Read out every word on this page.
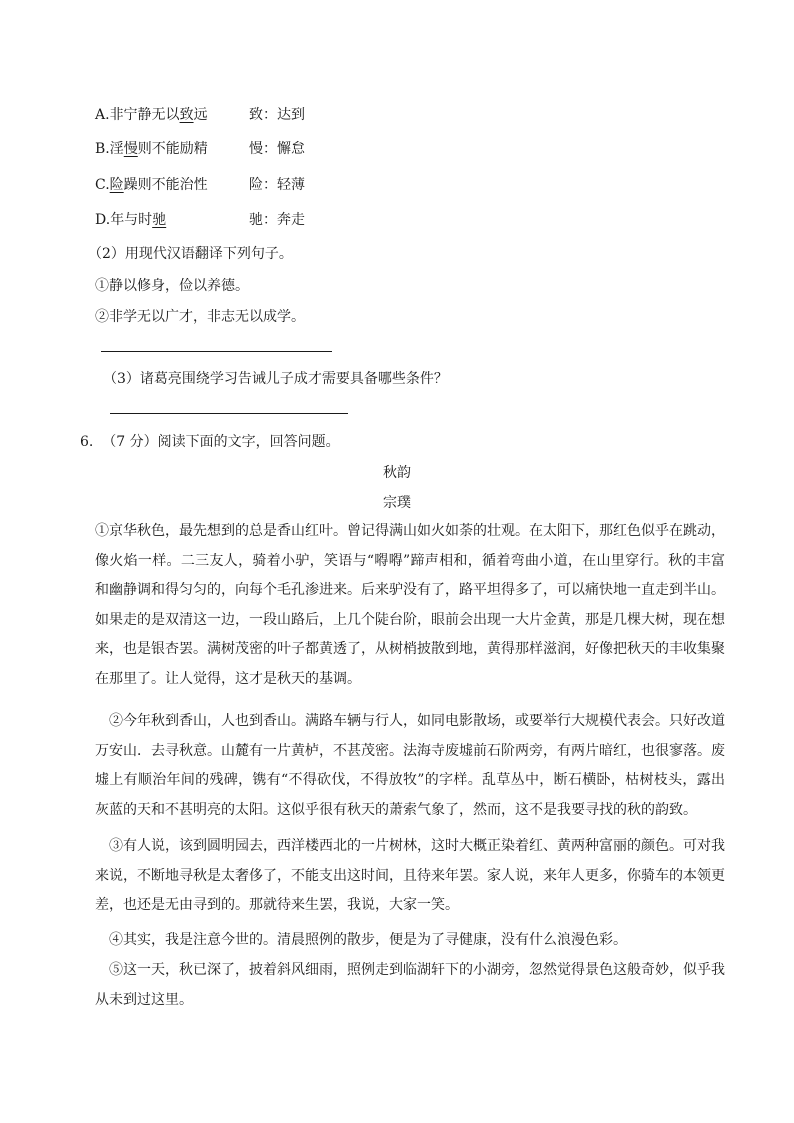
A.非宁静无以致远	致：达到
B.淫慢则不能励精	慢：懈怠
C.险躁则不能治性	险：轻薄
D.年与时驰	驰：奔走
（2）用现代汉语翻译下列句子。
①静以修身，俭以养德。
②非学无以广才，非志无以成学。
（3）诸葛亮围绕学习告诫儿子成才需要具备哪些条件？
6. （7 分）阅读下面的文字，回答问题。
秋韵
宗璞

①京华秋色，最先想到的总是香山红叶。曾记得满山如火如荼的壮观。在太阳下，那红色似乎在跳动，像火焰一样。二三友人，骑着小驴，笑语与“嘚嘚”蹄声相和，循着弯曲小道，在山里穿行。秋的丰富和幽静调和得匀匀的，向每个毛孔渗进来。后来驴没有了，路平坦得多了，可以痛快地一直走到半山。如果走的是双清这一边，一段山路后，上几个陡台阶，眼前会出现一大片金黄，那是几棵大树，现在想来，也是银杏罢。满树茂密的叶子都黄透了，从树梢披散到地，黄得那样滋润，好像把秋天的丰收集聚在那里了。让人觉得，这才是秋天的基调。

②今年秋到香山，人也到香山。满路车辆与行人，如同电影散场，或要举行大规模代表会。只好改道万安山．去寻秋意。山麓有一片黄栌，不甚茂密。法海寺废墟前石阶两旁，有两片暗红，也很寥落。废墟上有顺治年间的残碑，镌有“不得砍伐，不得放牧”的字样。乱草丛中，断石横卧，枯树枝头，露出灰蓝的天和不甚明亮的太阳。这似乎很有秋天的萧索气象了，然而，这不是我要寻找的秋的韵致。

③有人说，该到圆明园去，西洋楼西北的一片树林，这时大概正染着红、黄两种富丽的颜色。可对我来说，不断地寻秋是太奢侈了，不能支出这时间，且待来年罢。家人说，来年人更多，你骑车的本领更差，也还是无由寻到的。那就待来生罢，我说，大家一笑。

④其实，我是注意今世的。清晨照例的散步，便是为了寻健康，没有什么浪漫色彩。

⑤这一天，秋已深了，披着斜风细雨，照例走到临湖轩下的小湖旁，忽然觉得景色这般奇妙，似乎我从未到过这里。
